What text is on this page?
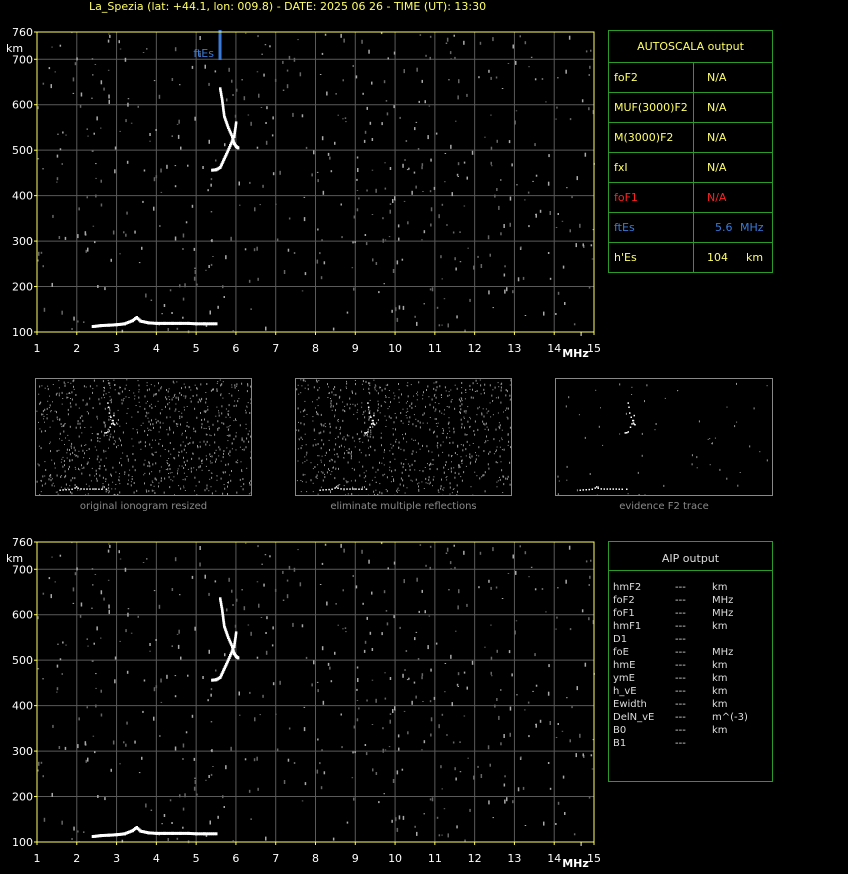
La_Spezia (lat: +44.1, lon: 009.8) - DATE: 2025 06 26 - TIME (UT): 13:30
ftEs
100
200
300
400
500
600
700
760
km
1	2	3	4	5	6	7	8	9	10 11 12 13 14 15
MHz
100
200
300
400
500
600
700
760
km
1	2	3	4	5	6	7	8	9	10 11 12 13 14 15
MHz
AUTOSCALA output
foF2	N/A
MUF(3000)F2 N/A
M(3000)F2	N/A
fxI	N/A
foF1	N/A
ftEs	5.6 MHz
h'Es	104 km
original ionogram resized	eliminate multiple reflections	evidence F2 trace
AIP output
hmF2	---	km
foF2	---	MHz
foF1	---	MHz
hmF1	---	km
D1	---
foE	---	MHz
hmE	---	km
ymE	---	km
h_vE	---	km
Ewidth	---	km
DelN_vE ---	m^(-3)
B0	---	km
B1	---
